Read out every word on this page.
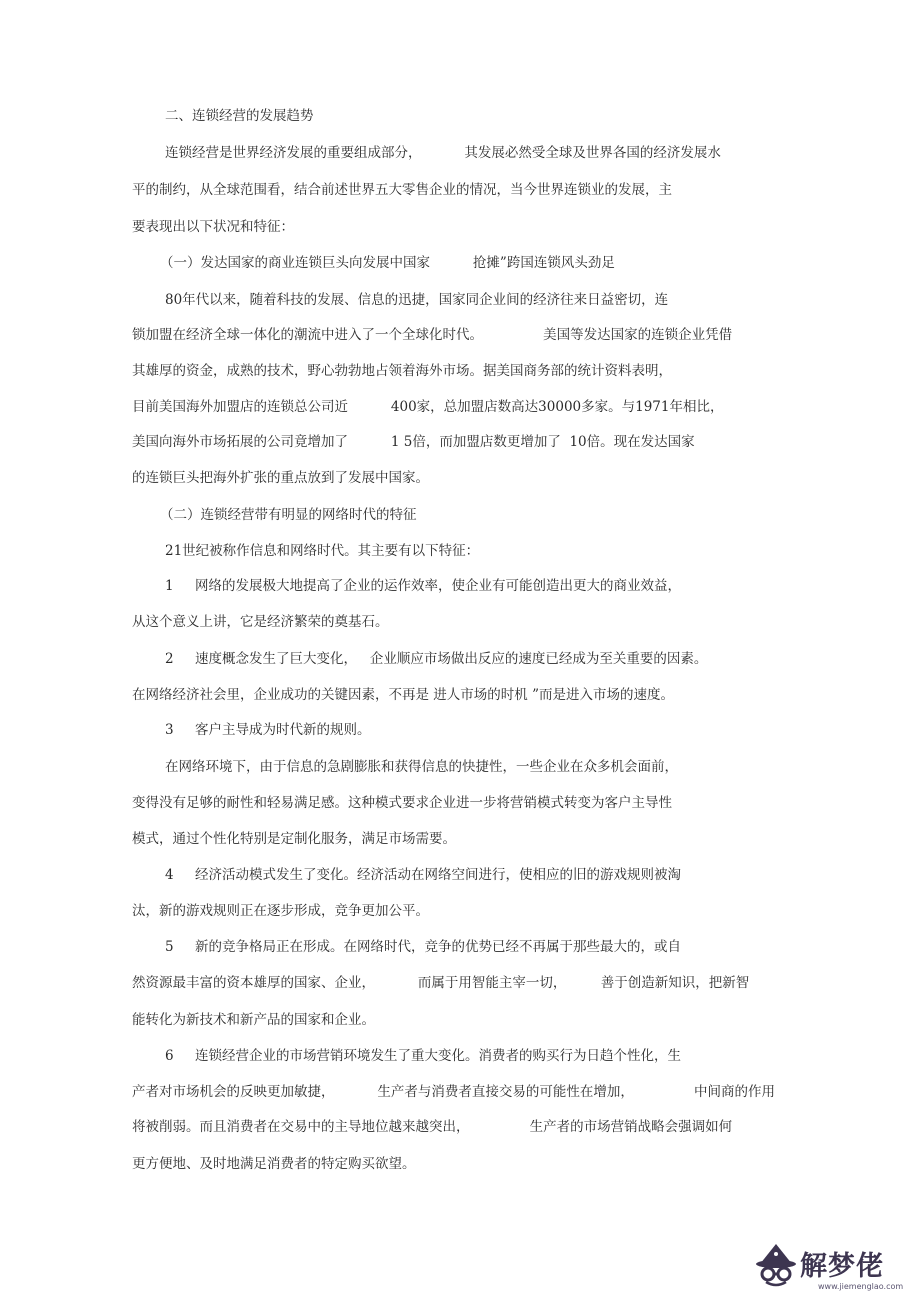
二、连锁经营的发展趋势

连锁经营是世界经济发展的重要组成部分，          其发展必然受全球及世界各国的经济发展水

平的制约，从全球范围看，结合前述世界五大零售企业的情况，当今世界连锁业的发展，主

要表现出以下状况和特征：

（一）发达国家的商业连锁巨头向发展中国家          抢摊”跨国连锁风头劲足

80年代以来，随着科技的发展、信息的迅捷，国家同企业间的经济往来日益密切，连

锁加盟在经济全球一体化的潮流中进入了一个全球化时代。              美国等发达国家的连锁企业凭借

其雄厚的资金，成熟的技术，野心勃勃地占领着海外市场。据美国商务部的统计资料表明，

目前美国海外加盟店的连锁总公司近          400家，总加盟店数高达30000多家。与1971年相比，

美国向海外市场拓展的公司竟增加了          1 5倍，而加盟店数更增加了  10倍。现在发达国家

的连锁巨头把海外扩张的重点放到了发展中国家。

（二）连锁经营带有明显的网络时代的特征

21世纪被称作信息和网络时代。其主要有以下特征：

1     网络的发展极大地提高了企业的运作效率，使企业有可能创造出更大的商业效益，

从这个意义上讲，它是经济繁荣的奠基石。

2     速度概念发生了巨大变化，   企业顺应市场做出反应的速度已经成为至关重要的因素。

在网络经济社会里，企业成功的关键因素，不再是 进人市场的时机 ”而是进入市场的速度。

3     客户主导成为时代新的规则。

在网络环境下，由于信息的急剧膨胀和获得信息的快捷性，一些企业在众多机会面前，

变得没有足够的耐性和轻易满足感。这种模式要求企业进一步将营销模式转变为客户主导性

模式，通过个性化特别是定制化服务，满足市场需要。

4     经济活动模式发生了变化。经济活动在网络空间进行，使相应的旧的游戏规则被淘

汰，新的游戏规则正在逐步形成，竞争更加公平。

5     新的竞争格局正在形成。在网络时代，竞争的优势已经不再属于那些最大的，或自

然资源最丰富的资本雄厚的国家、企业，          而属于用智能主宰一切，        善于创造新知识，把新智

能转化为新技术和新产品的国家和企业。

6     连锁经营企业的市场营销环境发生了重大变化。消费者的购买行为日趋个性化，生

产者对市场机会的反映更加敏捷，          生产者与消费者直接交易的可能性在增加，              中间商的作用

将被削弱。而且消费者在交易中的主导地位越来越突出，              生产者的市场营销战略会强调如何

更方便地、及时地满足消费者的特定购买欲望。

解梦佬
www.jiemenglao.com
